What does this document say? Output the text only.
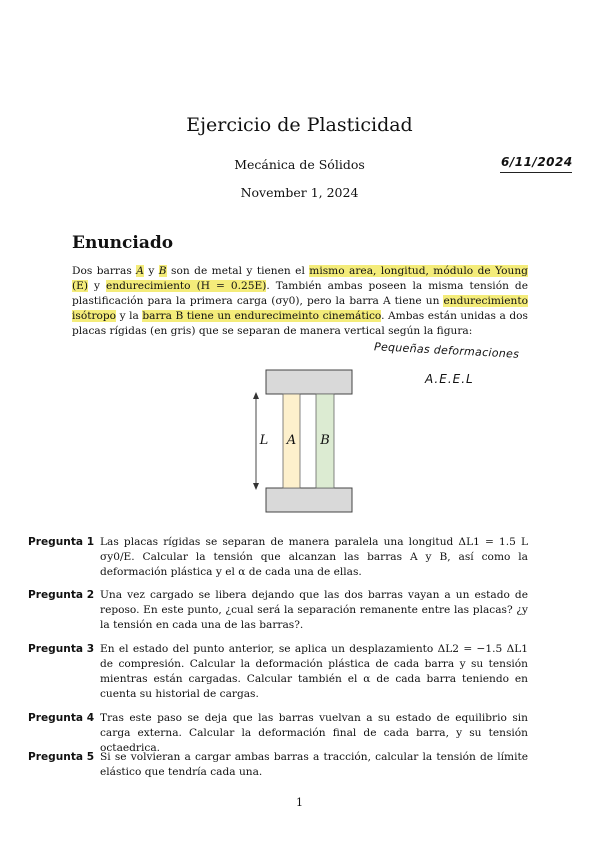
Ejercicio de Plasticidad
Mecánica de Sólidos
November 1, 2024
6/11/2024
Enunciado
Dos barras A y B son de metal y tienen el mismo area, longitud, módulo de Young (E) y endurecimiento (H = 0.25E). También ambas poseen la misma tensión de plastificación para la primera carga (σy0), pero la barra A tiene un endurecimiento isótropo y la barra B tiene un endurecimeinto cinemático. Ambas están unidas a dos placas rígidas (en gris) que se separan de manera vertical según la figura:
Pequeñas deformaciones
A.E.E.L
L A B
Pregunta 1 Las placas rígidas se separan de manera paralela una longitud ΔL1 = 1.5 L σy0/E. Calcular la tensión que alcanzan las barras A y B, así como la deformación plástica y el α de cada una de ellas.
Pregunta 2 Una vez cargado se libera dejando que las dos barras vayan a un estado de reposo. En este punto, ¿cual será la separación remanente entre las placas? ¿y la tensión en cada una de las barras?.
Pregunta 3 En el estado del punto anterior, se aplica un desplazamiento ΔL2 = −1.5 ΔL1 de compresión. Calcular la deformación plástica de cada barra y su tensión mientras están cargadas. Calcular también el α de cada barra teniendo en cuenta su historial de cargas.
Pregunta 4 Tras este paso se deja que las barras vuelvan a su estado de equilibrio sin carga externa. Calcular la deformación final de cada barra, y su tensión octaedrica.
Pregunta 5 Si se volvieran a cargar ambas barras a tracción, calcular la tensión de límite elástico que tendría cada una.
1
